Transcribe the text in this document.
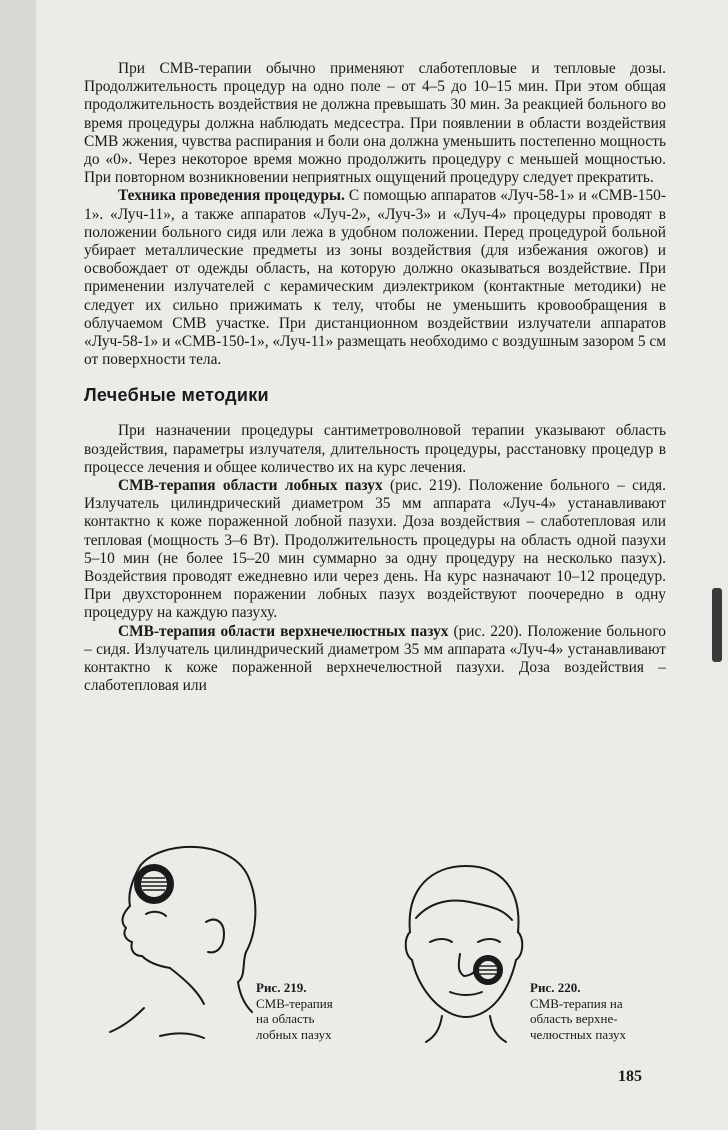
При СМВ-терапии обычно применяют слаботепловые и тепловые дозы. Продолжительность процедур на одно поле – от 4–5 до 10–15 мин. При этом общая продолжительность воздействия не должна превышать 30 мин. За реакцией больного во время процедуры должна наблюдать медсестра. При появлении в области воздействия СМВ жжения, чувства распирания и боли она должна уменьшить постепенно мощность до «0». Через некоторое время можно продолжить процедуру с меньшей мощностью. При повторном возникновении неприятных ощущений процедуру следует прекратить.

Техника проведения процедуры. С помощью аппаратов «Луч-58-1» и «СМВ-150-1». «Луч-11», а также аппаратов «Луч-2», «Луч-3» и «Луч-4» процедуры проводят в положении больного сидя или лежа в удобном положении. Перед процедурой больной убирает металлические предметы из зоны воздействия (для избежания ожогов) и освобождает от одежды область, на которую должно оказываться воздействие. При применении излучателей с керамическим диэлектриком (контактные методики) не следует их сильно прижимать к телу, чтобы не уменьшить кровообращения в облучаемом СМВ участке. При дистанционном воздействии излучатели аппаратов «Луч-58-1» и «СМВ-150-1», «Луч-11» размещать необходимо с воздушным зазором 5 см от поверхности тела.

Лечебные методики

При назначении процедуры сантиметроволновой терапии указывают область воздействия, параметры излучателя, длительность процедуры, расстановку процедур в процессе лечения и общее количество их на курс лечения.

СМВ-терапия области лобных пазух (рис. 219). Положение больного – сидя. Излучатель цилиндрический диаметром 35 мм аппарата «Луч-4» устанавливают контактно к коже пораженной лобной пазухи. Доза воздействия – слаботепловая или тепловая (мощность 3–6 Вт). Продолжительность процедуры на область одной пазухи 5–10 мин (не более 15–20 мин суммарно за одну процедуру на несколько пазух). Воздействия проводят ежедневно или через день. На курс назначают 10–12 процедур. При двухстороннем поражении лобных пазух воздействуют поочередно в одну процедуру на каждую пазуху.

СМВ-терапия области верхнечелюстных пазух (рис. 220). Положение больного – сидя. Излучатель цилиндрический диаметром 35 мм аппарата «Луч-4» устанавливают контактно к коже пораженной верхнечелюстной пазухи. Доза воздействия – слаботепловая или

Рис. 219.
СМВ-терапия
на область
лобных пазух
Рис. 220.
СМВ-терапия на
область верхне-
челюстных пазух
185
